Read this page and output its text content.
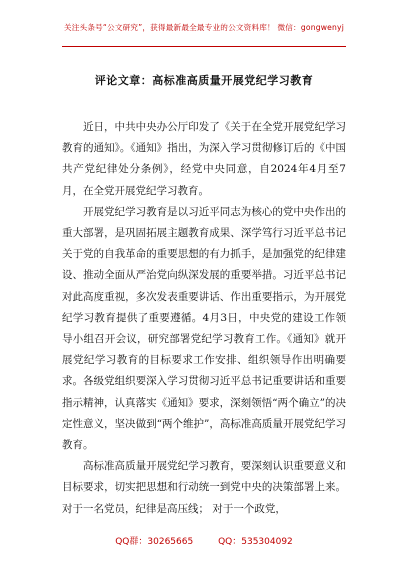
关注头条号“公文研究”，获得最新最全最专业的公文资料库！ 微信：gongwenyj
评论文章：高标准高质量开展党纪学习教育

近日，中共中央办公厅印发了《关于在全党开展党纪学习教育的通知》。《通知》指出，为深入学习贯彻修订后的《中国共产党纪律处分条例》，经党中央同意，自2024年4月至7月，在全党开展党纪学习教育。

开展党纪学习教育是以习近平同志为核心的党中央作出的重大部署，是巩固拓展主题教育成果、深学笃行习近平总书记关于党的自我革命的重要思想的有力抓手，是加强党的纪律建设、推动全面从严治党向纵深发展的重要举措。习近平总书记对此高度重视，多次发表重要讲话、作出重要指示，为开展党纪学习教育提供了重要遵循。4月3日，中央党的建设工作领导小组召开会议，研究部署党纪学习教育工作。《通知》就开展党纪学习教育的目标要求工作安排、组织领导作出明确要求。各级党组织要深入学习贯彻习近平总书记重要讲话和重要指示精神，认真落实《通知》要求，深刻领悟“两个确立”的决定性意义，坚决做到“两个维护”，高标准高质量开展党纪学习教育。

高标准高质量开展党纪学习教育，要深刻认识重要意义和目标要求，切实把思想和行动统一到党中央的决策部署上来。对于一名党员，纪律是高压线； 对于一个政党，

QQ群：30265665	QQ：535304092
